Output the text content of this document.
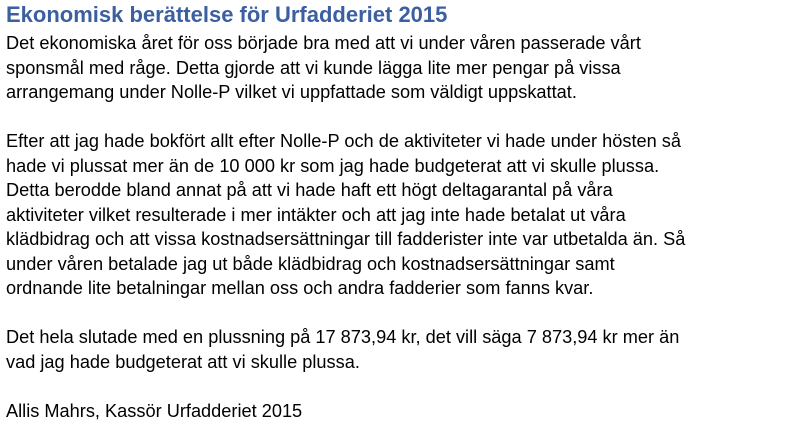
Ekonomisk berättelse för Urfadderiet 2015

Det ekonomiska året för oss började bra med att vi under våren passerade vårt
sponsmål med råge. Detta gjorde att vi kunde lägga lite mer pengar på vissa
arrangemang under Nolle-P vilket vi uppfattade som väldigt uppskattat.

Efter att jag hade bokfört allt efter Nolle-P och de aktiviteter vi hade under hösten så
hade vi plussat mer än de 10 000 kr som jag hade budgeterat att vi skulle plussa.
Detta berodde bland annat på att vi hade haft ett högt deltagarantal på våra
aktiviteter vilket resulterade i mer intäkter och att jag inte hade betalat ut våra
klädbidrag och att vissa kostnadsersättningar till fadderister inte var utbetalda än. Så
under våren betalade jag ut både klädbidrag och kostnadsersättningar samt
ordnande lite betalningar mellan oss och andra fadderier som fanns kvar.

Det hela slutade med en plussning på 17 873,94 kr, det vill säga 7 873,94 kr mer än
vad jag hade budgeterat att vi skulle plussa.

Allis Mahrs, Kassör Urfadderiet 2015
